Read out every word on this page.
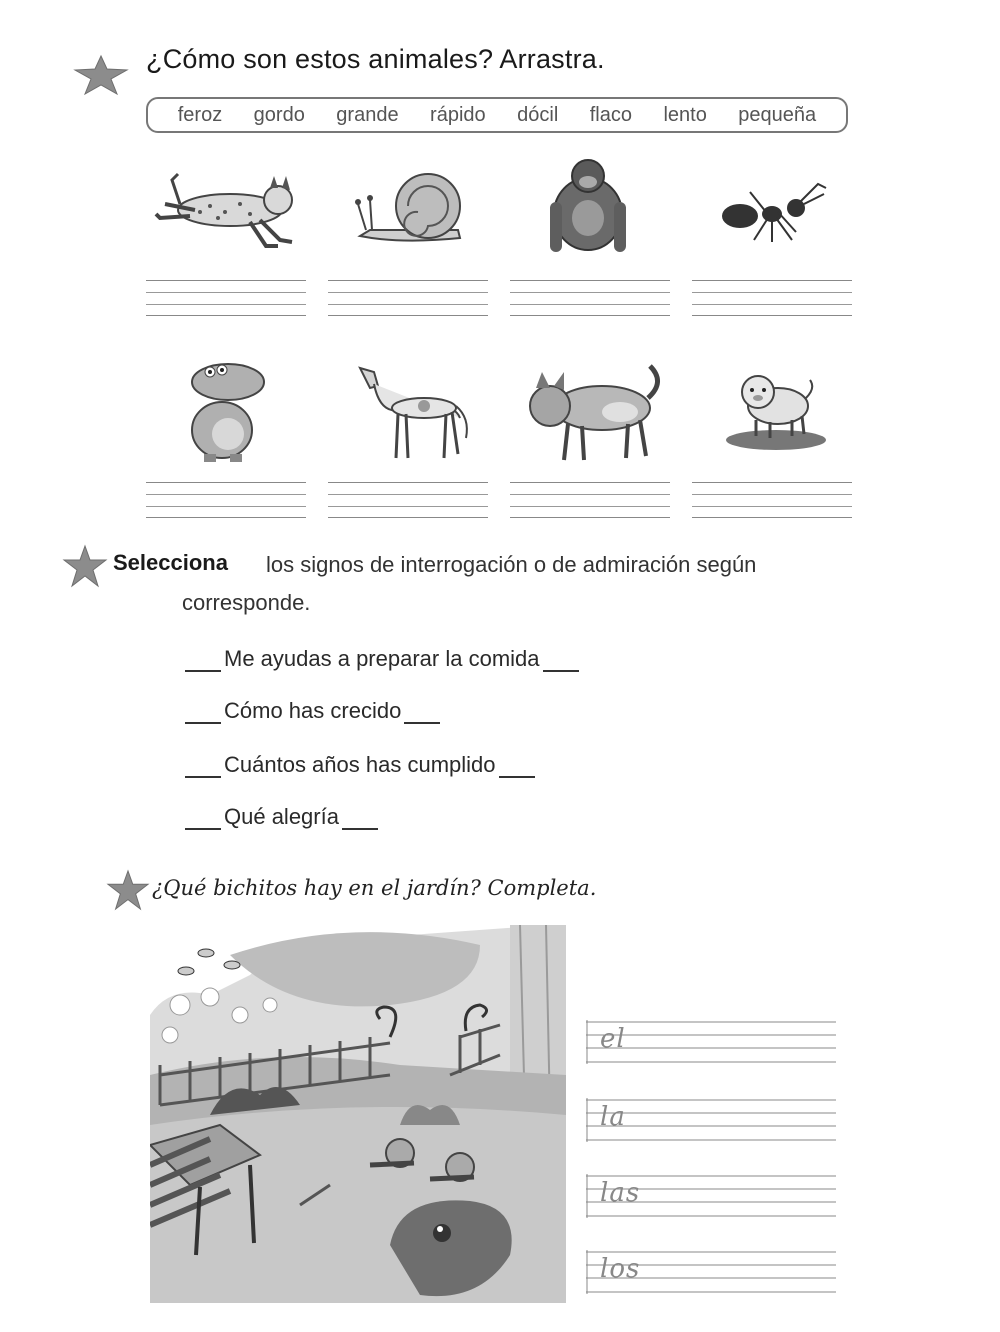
¿Cómo son estos animales? Arrastra.
feroz gordo grande rápido dócil flaco lento pequeña
Selecciona los signos de interrogación o de admiración según
corresponde.
Me ayudas a preparar la comida
Cómo has crecido
Cuántos años has cumplido
Qué alegría
¿Qué bichitos hay en el jardín? Completa.
el
la
las
los
